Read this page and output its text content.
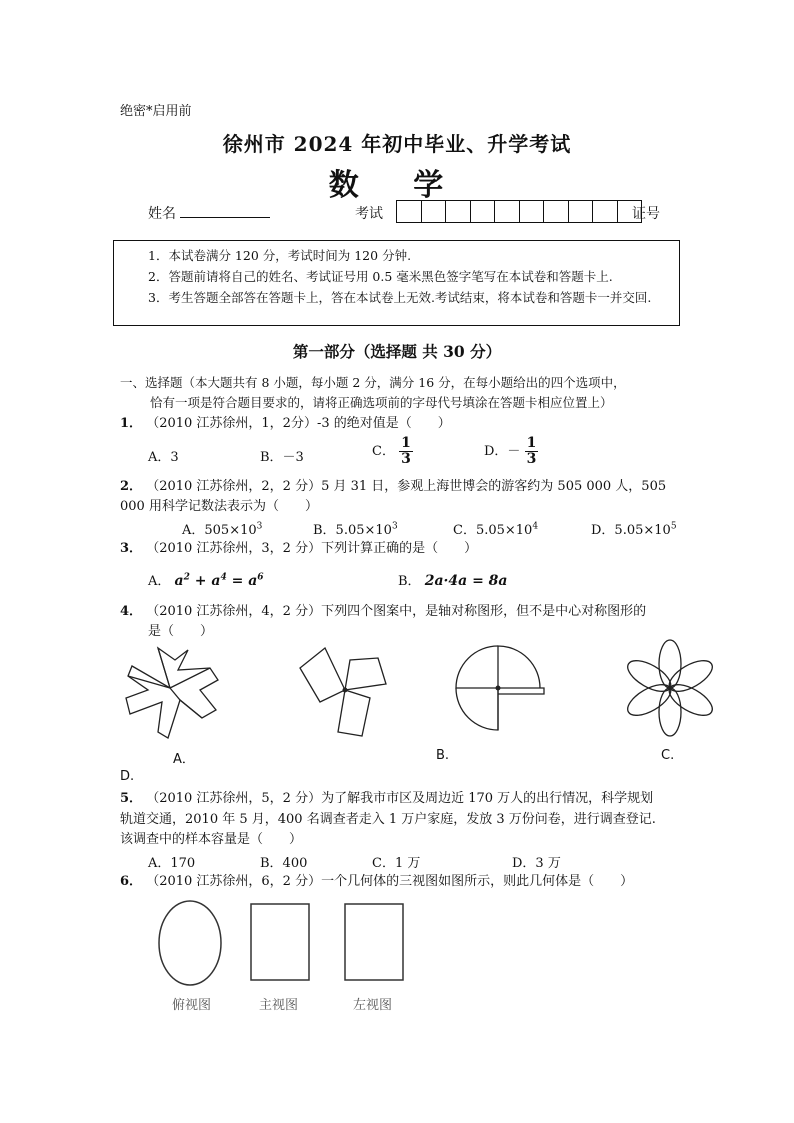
绝密*启用前
徐州市 2024 年初中毕业、升学考试
数 学
姓名	考试	证号

1．本试卷满分 120 分，考试时间为 120 分钟.

2．答题前请将自己的姓名、考试证号用 0.5 毫米黑色签字笔写在本试卷和答题卡上.

3．考生答题全部答在答题卡上，答在本试卷上无效.考试结束，将本试卷和答题卡一并交回.

第一部分（选择题 共 30 分）
一、选择题（本大题共有 8 小题，每小题 2 分，满分 16 分，在每小题给出的四个选项中，
恰有一项是符合题目要求的，请将正确选项前的字母代号填涂在答题卡相应位置上）
1． （2010 江苏徐州，1，2分）-3 的绝对值是（　　）
A．3	B．－3	C． $\frac{1}{3}$	D．－ $\frac{1}{3}$
2． （2010 江苏徐州，2，2 分）5 月 31 日，参观上海世博会的游客约为 505 000 人，505
000 用科学记数法表示为（　　）
A．$505\times 10^3$	B．$5.05\times 10^3$	C．$5.05\times 10^4$	D．$5.05\times 10^5$
3． （2010 江苏徐州，3，2 分）下列计算正确的是（　　）
A． $a^2 + a^4 = a^6$	B． 2a·4a = 8a
4． （2010 江苏徐州，4，2 分）下列四个图案中，是轴对称图形，但不是中心对称图形的
是（　　）
A．	B.	C.
D.
5． （2010 江苏徐州，5，2 分）为了解我市市区及周边近 170 万人的出行情况，科学规划
轨道交通，2010 年 5 月，400 名调查者走入 1 万户家庭，发放 3 万份问卷，进行调查登记.
该调查中的样本容量是（　　）
A．170	B．400	C．1 万	D．3 万
6． （2010 江苏徐州，6，2 分）一个几何体的三视图如图所示，则此几何体是（　　）
俯视图	主视图	左视图
